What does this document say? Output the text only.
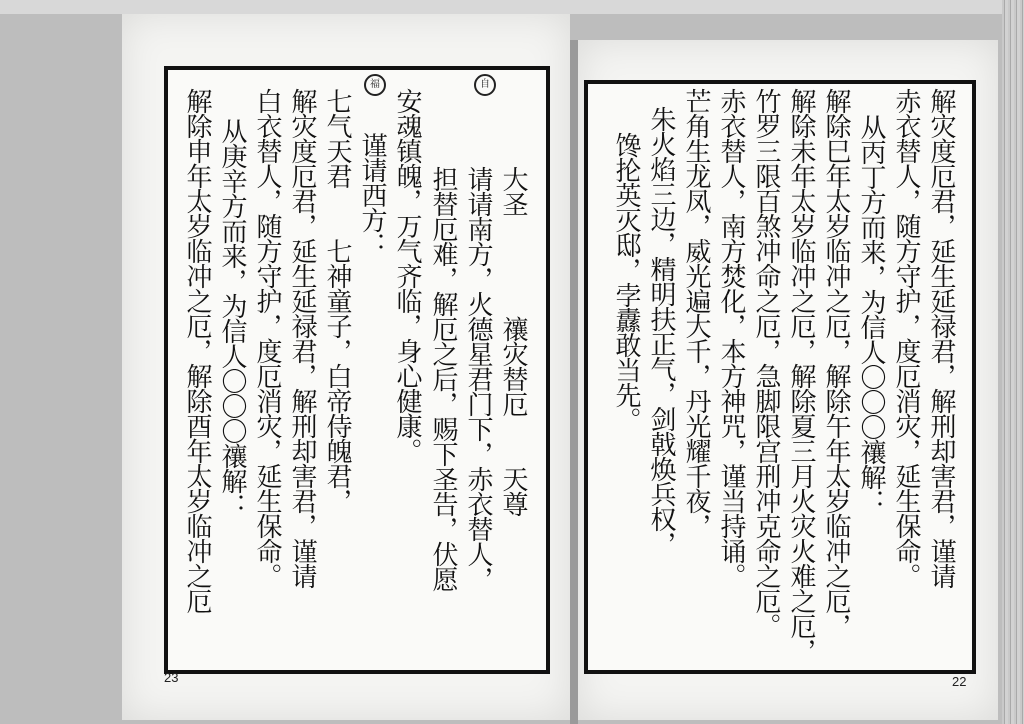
福	自
　　大圣　　　　禳灾替厄　　天尊
　　请请南方，火德星君门下，赤衣替人，
　　担替厄难，解厄之后，赐下圣告，伏愿
安魂镇魄，万气齐临，身心健康。
谨请西方：
七气天君　　七神童子，白帝侍魄君，
解灾度厄君，延生延禄君，解刑却害君，谨请
白衣替人，随方守护，度厄消灾，延生保命。
从庚辛方而来，为信人〇〇〇禳解：
解除申年太岁临冲之厄，解除酉年太岁临冲之厄
23
解灾度厄君，延生延禄君，解刑却害君，谨请
赤衣替人，随方守护，度厄消灾，延生保命。
从丙丁方而来，为信人〇〇〇禳解：
解除巳年太岁临冲之厄，解除午年太岁临冲之厄，
解除未年太岁临冲之厄，解除夏三月火灾火难之厄，
竹罗三限百煞冲命之厄，急脚限宫刑冲克命之厄。
赤衣替人，南方焚化，本方神咒，谨当持诵。
芒角生龙凤，威光遍大千，丹光耀千夜，
朱火焰三边，精明扶正气，剑戟焕兵权，
馋抡英灭邸，孛纛敢当先。
22
